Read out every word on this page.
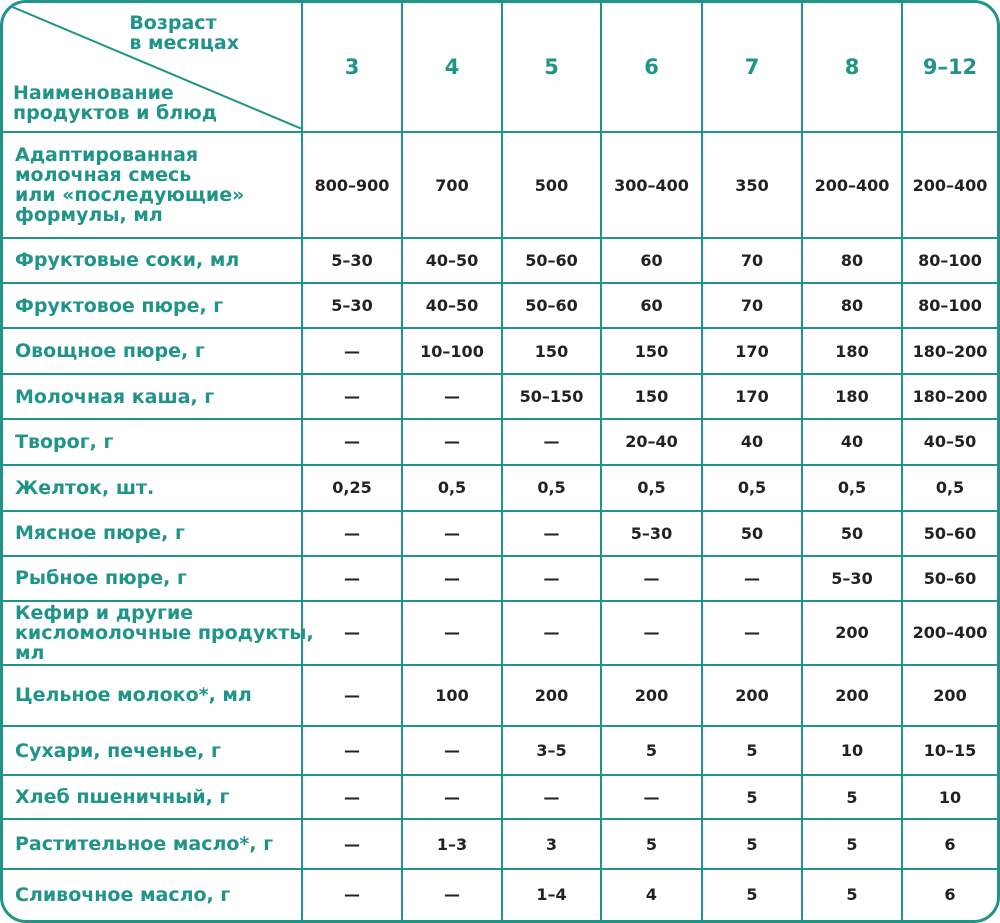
Возраст
в месяцах
Наименование
продуктов и блюд	3	4	5	6	7	8	9–12

Адаптированная
молочная смесь
или «последующие»
формулы, мл	800–900	700	500	300–400	350	200–400	200–400

Фруктовые соки, мл	5–30	40–50	50–60	60	70	80	80–100

Фруктовое пюре, г	5–30	40–50	50–60	60	70	80	80–100

Овощное пюре, г	—	10–100	150	150	170	180	180–200

Молочная каша, г	—	—	50–150	150	170	180	180–200

Творог, г	—	—	—	20–40	40	40	40–50

Желток, шт.	0,25	0,5	0,5	0,5	0,5	0,5	0,5

Мясное пюре, г	—	—	—	5–30	50	50	50–60

Рыбное пюре, г	—	—	—	—	—	5–30	50–60

Кефир и другие
кисломолочные продукты,
мл	—	—	—	—	—	200	200–400

Цельное молоко*, мл	—	100	200	200	200	200	200

Сухари, печенье, г	—	—	3–5	5	5	10	10–15

Хлеб пшеничный, г	—	—	—	—	5	5	10

Растительное масло*, г	—	1–3	3	5	5	5	6

Сливочное масло, г	—	—	1–4	4	5	5	6
